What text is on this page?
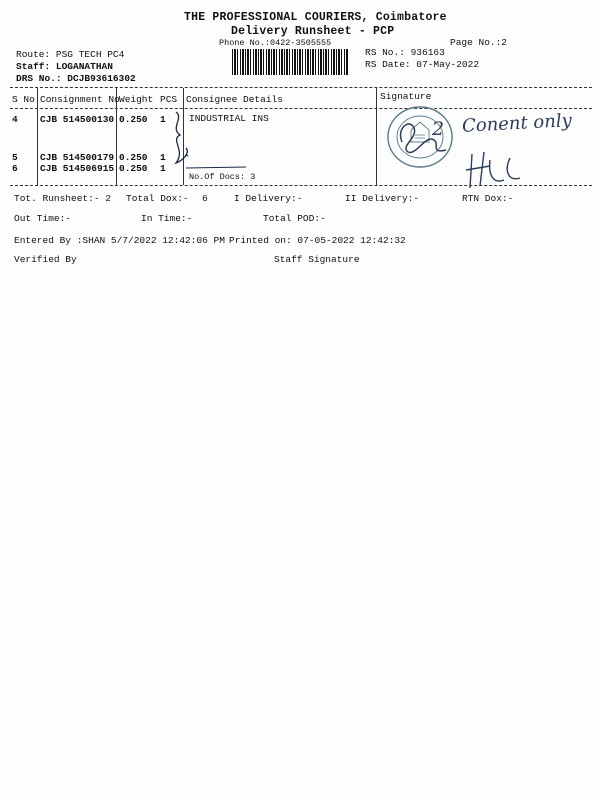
THE PROFESSIONAL COURIERS, Coimbatore
Delivery Runsheet - PCP
Phone No.:0422-3505555	Page No.:2
Route: PSG TECH PC4
Staff: LOGANATHAN
DRS No.: DCJB93616302
RS No.: 936163
RS Date: 07-May-2022
S No Consignment No Weight PCS Consignee Details	Signature
4 CJB 514500130 0.250 1 INDUSTRIAL INS
5 CJB 514500179 0.250 1
6 CJB 514506915 0.250 1
No.Of Docs: 3
2 Conent only
Tot. Runsheet:- 2 Total Dox:- 6	I Delivery:-	II Delivery:-	RTN Dox:-
Out Time:-	In Time:-	Total POD:-
Entered By :SHAN 5/7/2022 12:42:06 PM Printed on: 07-05-2022 12:42:32
Verified By	Staff Signature
